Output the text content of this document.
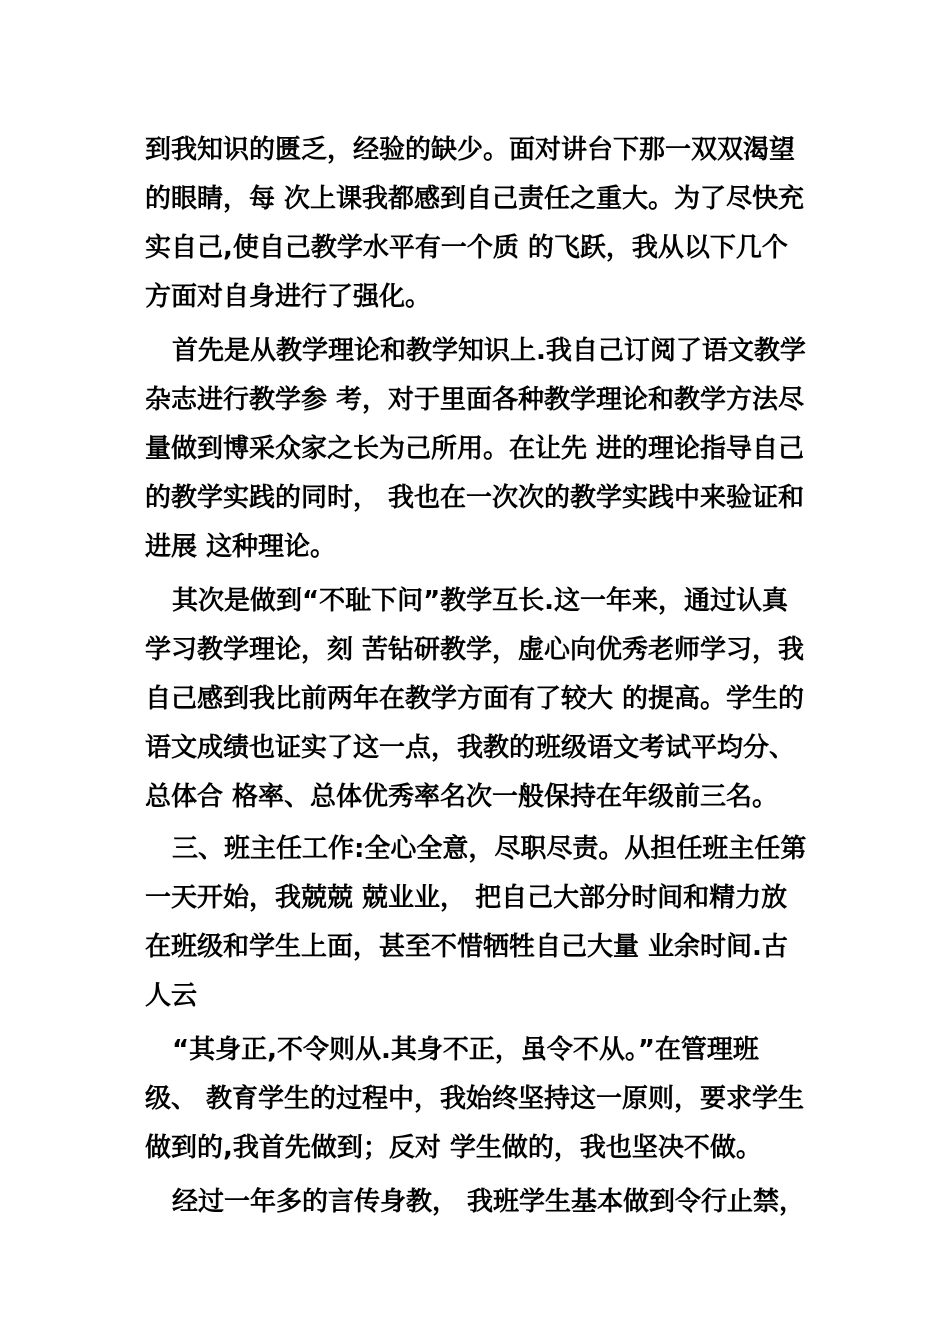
到我知识的匮乏，经验的缺少。面对讲台下那一双双渴望
的眼睛，每 次上课我都感到自己责任之重大。为了尽快充
实自己,使自己教学水平有一个质 的飞跃，我从以下几个
方面对自身进行了强化。
首先是从教学理论和教学知识上.我自己订阅了语文教学
杂志进行教学参 考，对于里面各种教学理论和教学方法尽
量做到博采众家之长为己所用。在让先 进的理论指导自己
的教学实践的同时， 我也在一次次的教学实践中来验证和
进展 这种理论。
其次是做到“不耻下问”教学互长.这一年来，通过认真
学习教学理论，刻 苦钻研教学，虚心向优秀老师学习，我
自己感到我比前两年在教学方面有了较大 的提高。学生的
语文成绩也证实了这一点，我教的班级语文考试平均分、
总体合 格率、总体优秀率名次一般保持在年级前三名。
三、班主任工作:全心全意，尽职尽责。从担任班主任第
一天开始，我兢兢 兢业业， 把自己大部分时间和精力放
在班级和学生上面，甚至不惜牺牲自己大量 业余时间.古
人云
“其身正,不令则从.其身不正，虽令不从。”在管理班
级、 教育学生的过程中，我始终坚持这一原则，要求学生
做到的,我首先做到；反对 学生做的，我也坚决不做。
经过一年多的言传身教， 我班学生基本做到令行止禁，
